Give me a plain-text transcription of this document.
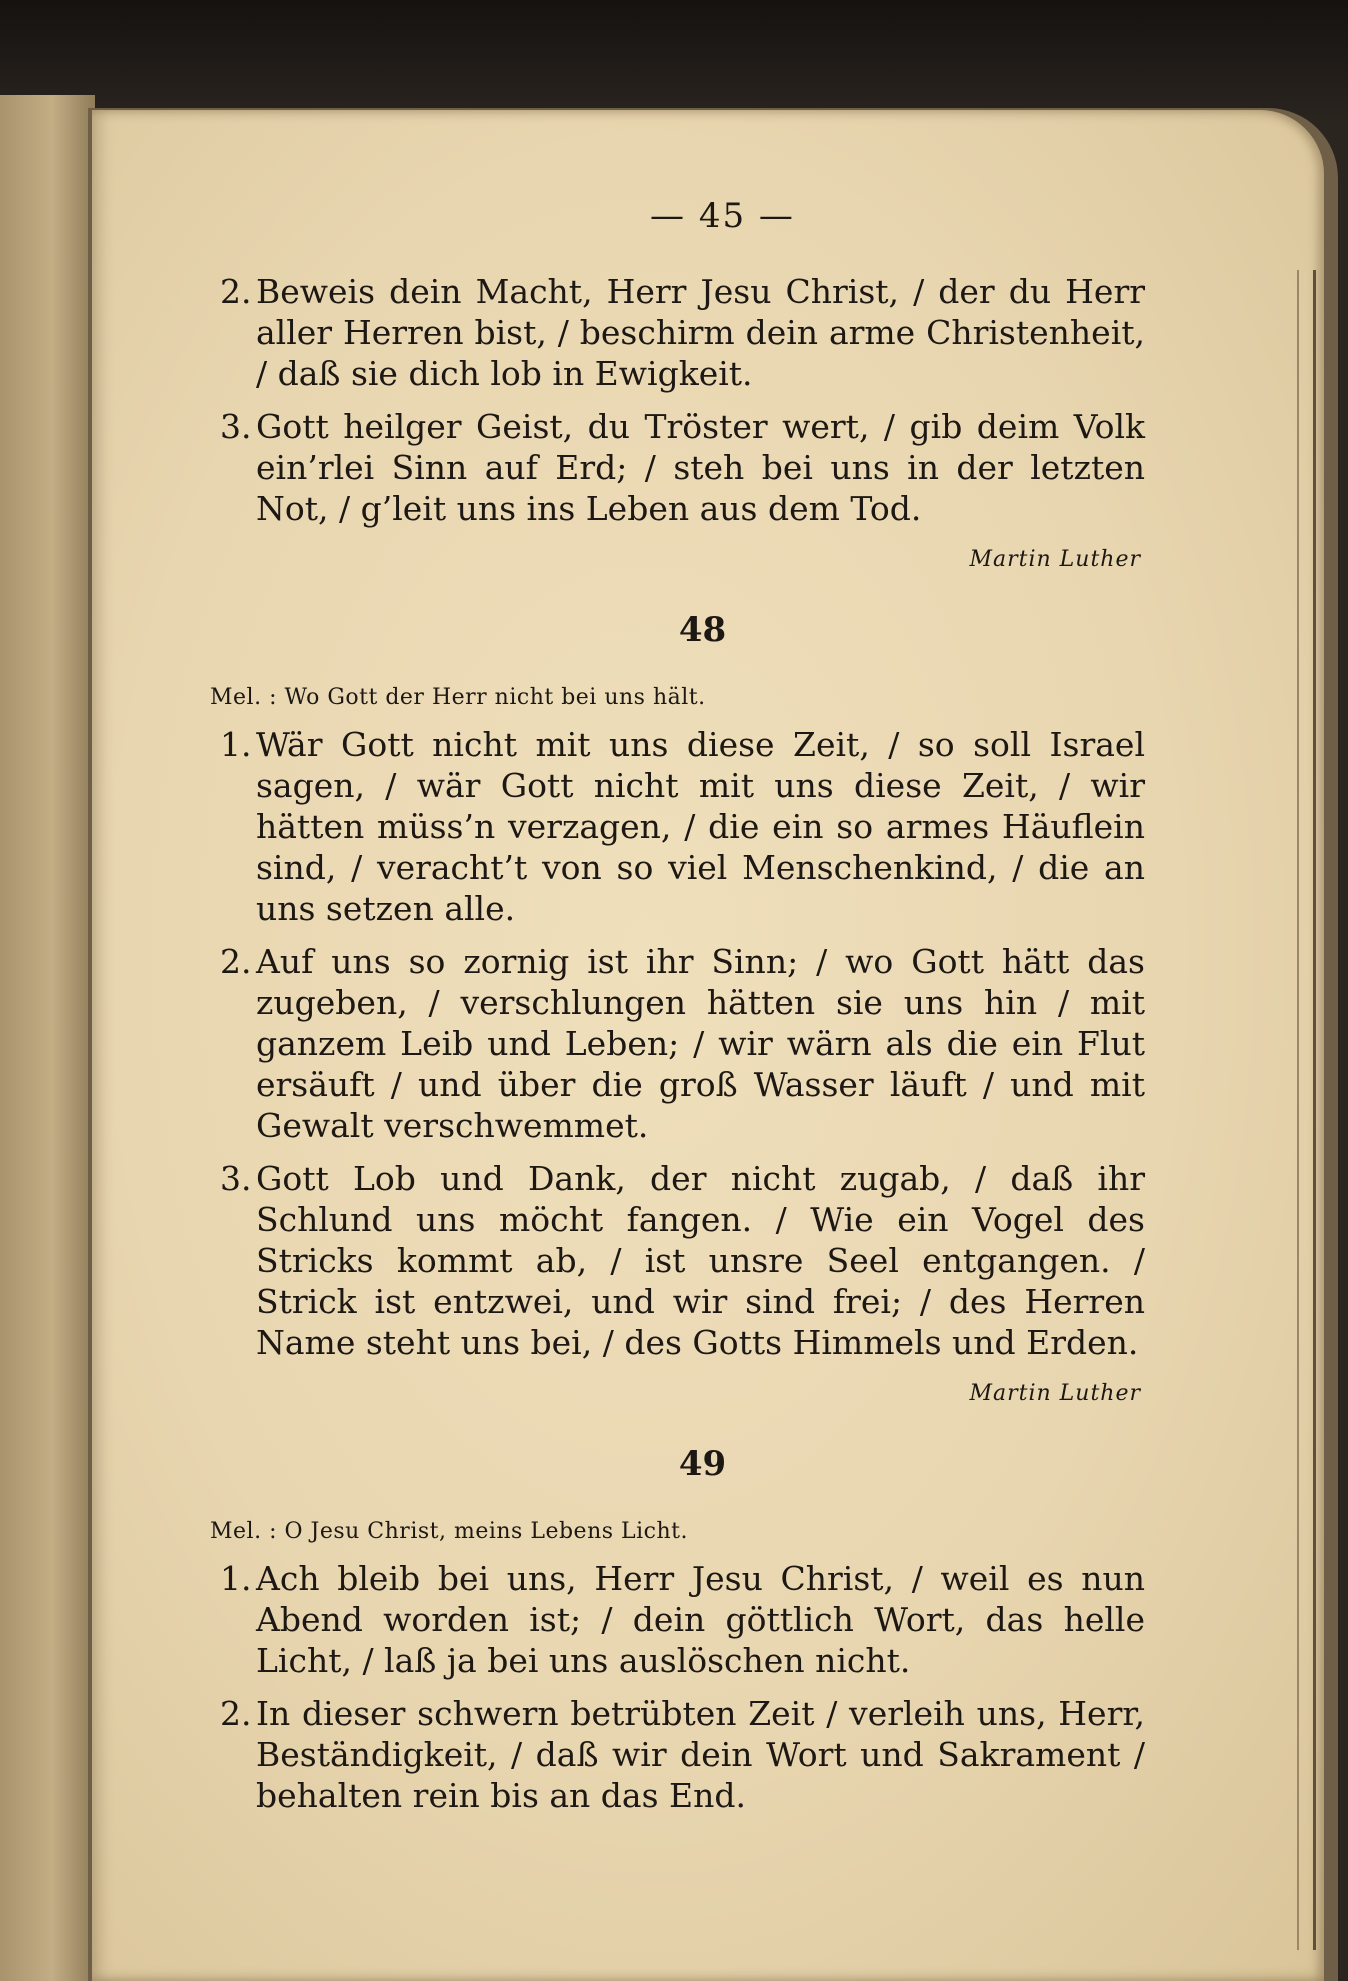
— 45 —
2. Beweis dein Macht, Herr Jesu Christ, / der du Herr aller Herren bist, / beschirm dein arme Christenheit, / daß sie dich lob in Ewigkeit.
3. Gott heilger Geist, du Tröster wert, / gib deim Volk ein’rlei Sinn auf Erd; / steh bei uns in der letzten Not, / g’leit uns ins Leben aus dem Tod.
Martin Luther
48
Mel. : Wo Gott der Herr nicht bei uns hält.
1. Wär Gott nicht mit uns diese Zeit, / so soll Israel sagen, / wär Gott nicht mit uns diese Zeit, / wir hätten müss’n verzagen, / die ein so armes Häuflein sind, / veracht’t von so viel Menschenkind, / die an uns setzen alle.
2. Auf uns so zornig ist ihr Sinn; / wo Gott hätt das zugeben, / verschlungen hätten sie uns hin / mit ganzem Leib und Leben; / wir wärn als die ein Flut ersäuft / und über die groß Wasser läuft / und mit Gewalt verschwemmet.
3. Gott Lob und Dank, der nicht zugab, / daß ihr Schlund uns möcht fangen. / Wie ein Vogel des Stricks kommt ab, / ist unsre Seel entgangen. / Strick ist entzwei, und wir sind frei; / des Herren Name steht uns bei, / des Gotts Himmels und Erden.
Martin Luther
49
Mel. : O Jesu Christ, meins Lebens Licht.
1. Ach bleib bei uns, Herr Jesu Christ, / weil es nun Abend worden ist; / dein göttlich Wort, das helle Licht, / laß ja bei uns auslöschen nicht.
2. In dieser schwern betrübten Zeit / verleih uns, Herr, Beständigkeit, / daß wir dein Wort und Sakrament / behalten rein bis an das End.
